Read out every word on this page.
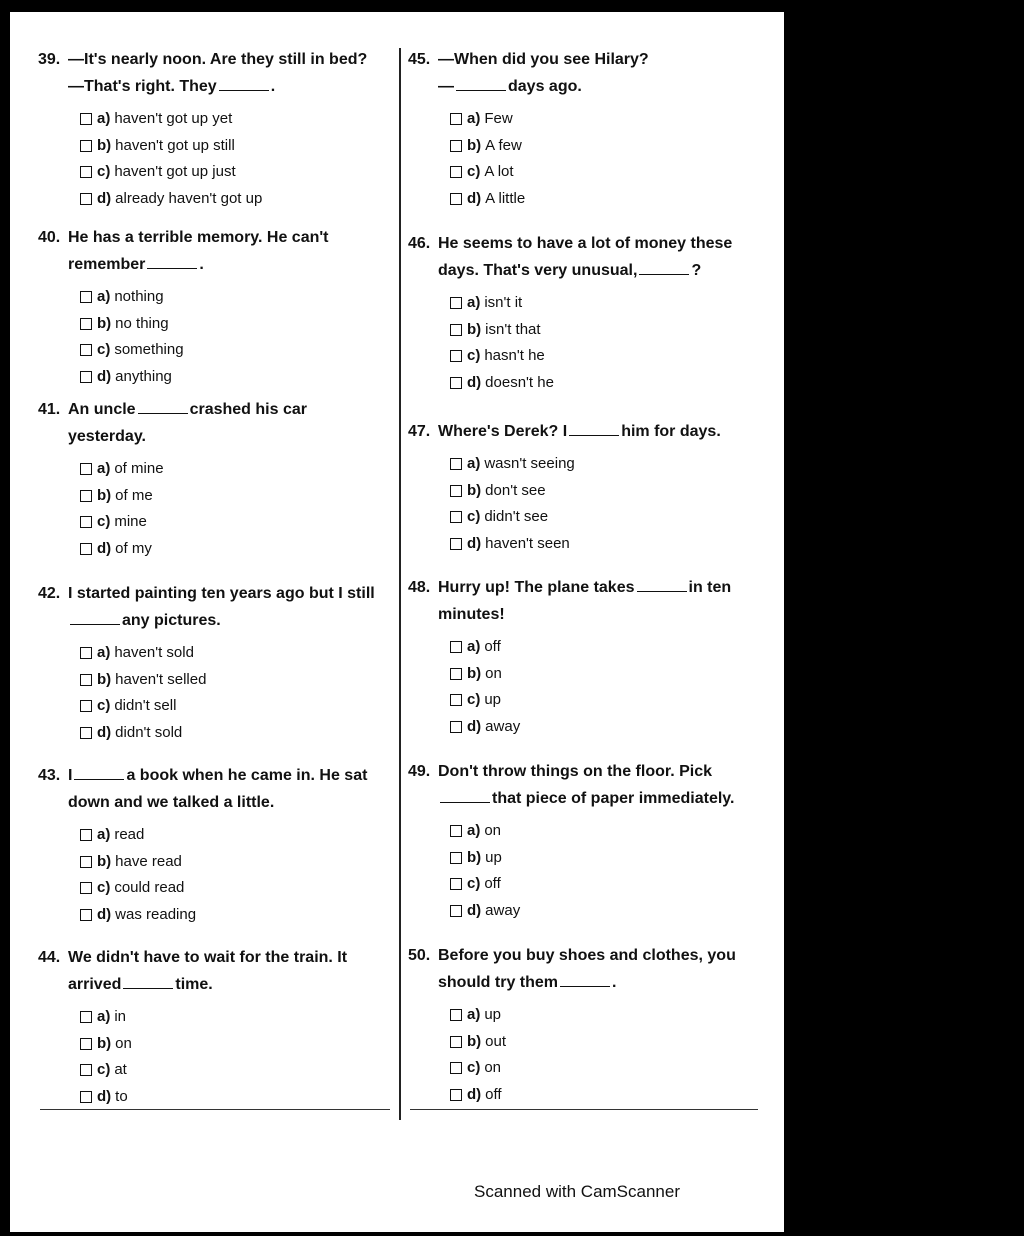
39. —It's nearly noon. Are they still in bed?
—That's right. They	.
a) haven't got up yet
b) haven't got up still
c) haven't got up just
d) already haven't got up
40. He has a terrible memory. He can't
remember	.
a) nothing
b) no thing
c) something
d) anything
41. An uncle	crashed his car
yesterday.
a) of mine
b) of me
c) mine
d) of my
42. I started painting ten years ago but I still
any pictures.
a) haven't sold
b) haven't selled
c) didn't sell
d) didn't sold
43. I	a book when he came in. He sat
down and we talked a little.
a) read
b) have read
c) could read
d) was reading
44. We didn't have to wait for the train. It
arrived	time.
a) in
b) on
c) at
d) to
45. —When did you see Hilary?
—	days ago.
a) Few
b) A few
c) A lot
d) A little
46. He seems to have a lot of money these
days. That's very unusual,	?
a) isn't it
b) isn't that
c) hasn't he
d) doesn't he
47. Where's Derek? I	him for days.
a) wasn't seeing
b) don't see
c) didn't see
d) haven't seen
48. Hurry up! The plane takes	in ten
minutes!
a) off
b) on
c) up
d) away
49. Don't throw things on the floor. Pick
that piece of paper immediately.
a) on
b) up
c) off
d) away
50. Before you buy shoes and clothes, you
should try them	.
a) up
b) out
c) on
d) off
Scanned with CamScanner
